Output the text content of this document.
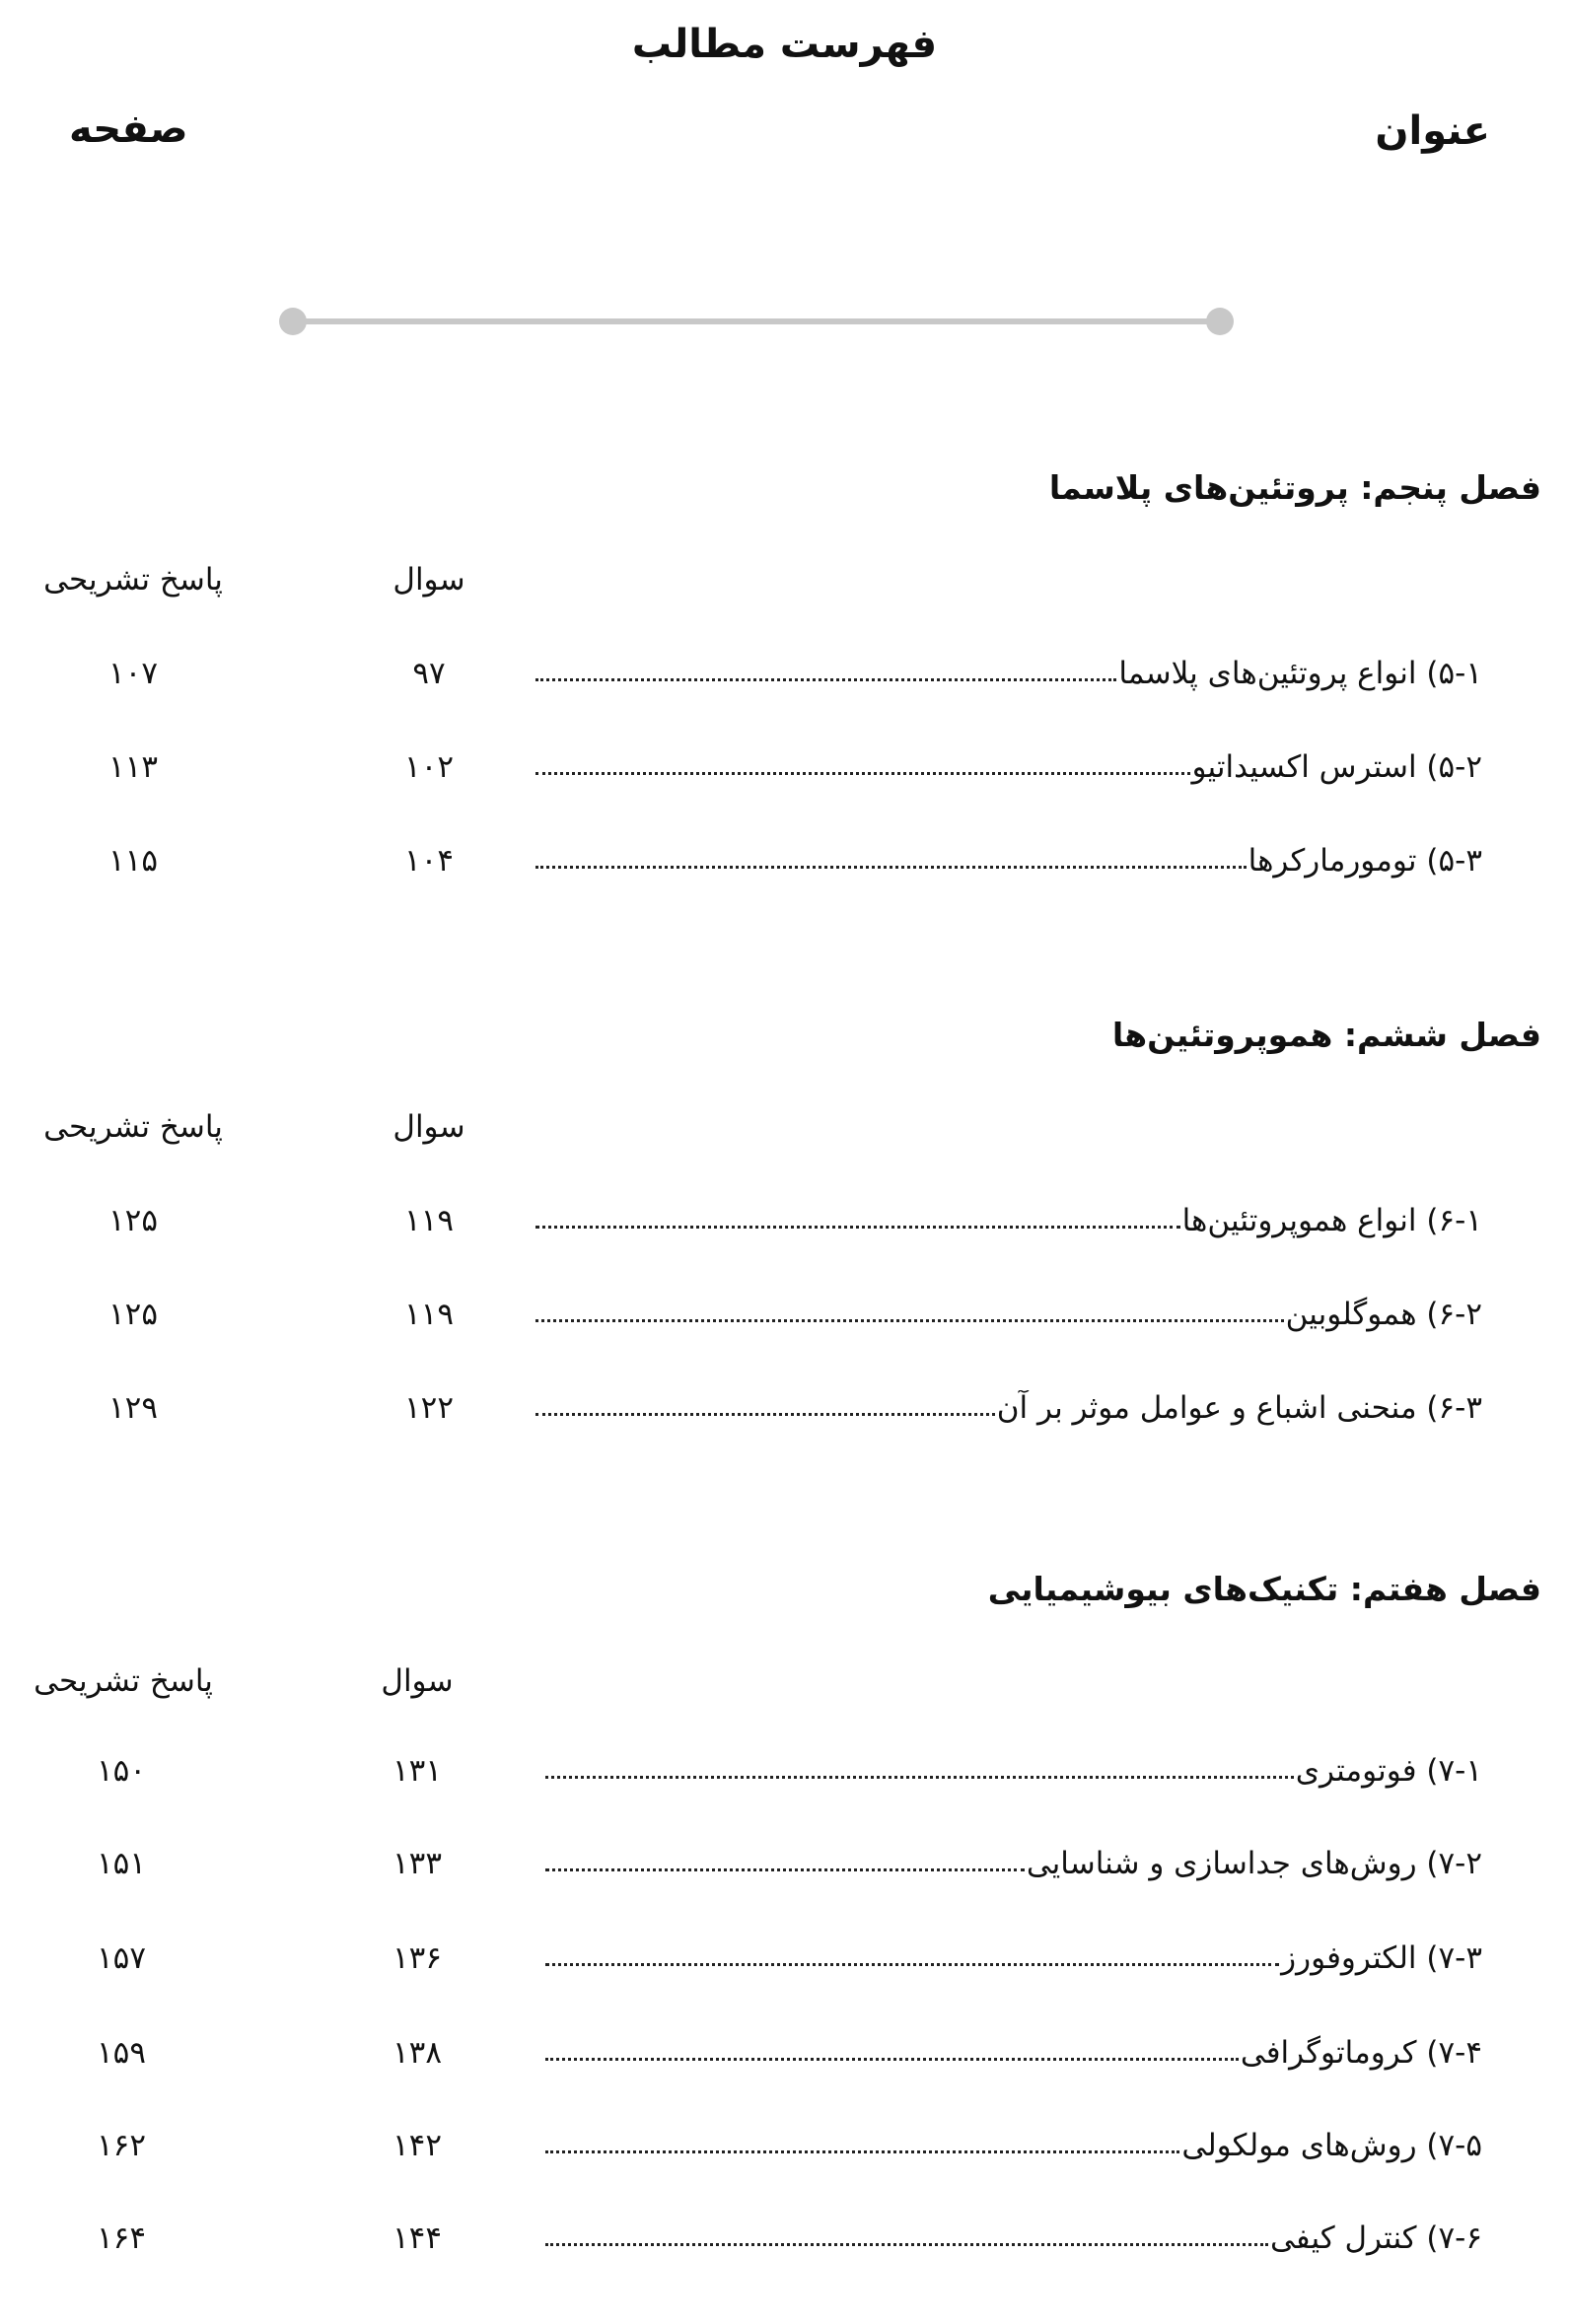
فهرست مطالب
عنوان
صفحه
فصل پنجم: پروتئین‌های پلاسما
سوال
پاسخ تشریحی
۵-۱) انواع پروتئین‌های پلاسما
۹۷
۱۰۷
۵-۲) استرس اکسیداتیو
۱۰۲
۱۱۳
۵-۳) تومورمارکرها
۱۰۴
۱۱۵
فصل ششم: هموپروتئین‌ها
سوال
پاسخ تشریحی
۶-۱) انواع هموپروتئین‌ها
۱۱۹
۱۲۵
۶-۲) هموگلوبین
۱۱۹
۱۲۵
۶-۳) منحنی اشباع و عوامل موثر بر آن
۱۲۲
۱۲۹
فصل هفتم: تکنیک‌های بیوشیمیایی
سوال
پاسخ تشریحی
۷-۱) فوتومتری
۱۳۱
۱۵۰
۷-۲) روش‌های جداسازی و شناسایی
۱۳۳
۱۵۱
۷-۳) الکتروفورز
۱۳۶
۱۵۷
۷-۴) کروماتوگرافی
۱۳۸
۱۵۹
۷-۵) روش‌های مولکولی
۱۴۲
۱۶۲
۷-۶) کنترل کیفی
۱۴۴
۱۶۴
